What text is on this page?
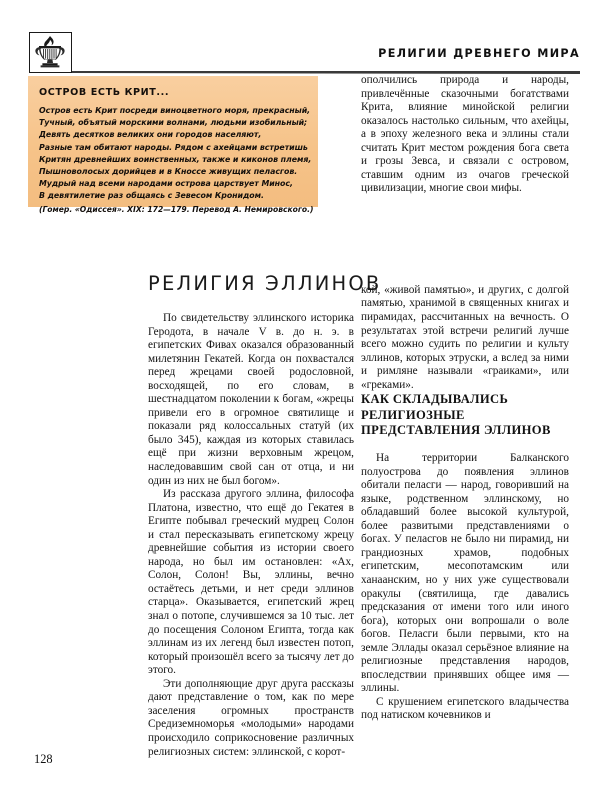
РЕЛИГИИ ДРЕВНЕГО МИРА
ОСТРОВ ЕСТЬ КРИТ...
Остров есть Крит посреди виноцветного моря, прекрасный,
Тучный, объятый морскими волнами, людьми изобильный;
Девять десятков великих они городов населяют,
Разные там обитают народы. Рядом с ахейцами встретишь
Критян древнейших воинственных, также и киконов племя,
Пышноволосых дорийцев и в Кноссе живущих пеласгов.
Мудрый над всеми народами острова царствует Минос,
В девятилетие раз общаясь с Зевесом Кронидом.
(Гомер. «Одиссея». XIX: 172—179. Перевод А. Немировского.)
РЕЛИГИЯ ЭЛЛИНОВ

По свидетельству эллинского историка Геродота, в начале V в. до н. э. в египетских Фивах оказался образованный милетянин Гекатей. Когда он похвастался перед жрецами своей родословной, восходящей, по его словам, в шестнадцатом поколении к богам, «жрецы привели его в огромное святилище и показали ряд колоссальных статуй (их было 345), каждая из которых ставилась ещё при жизни верховным жрецом, наследовавшим свой сан от отца, и ни один из них не был богом».

Из рассказа другого эллина, философа Платона, известно, что ещё до Гекатея в Египте побывал греческий мудрец Солон и стал пересказывать египетскому жрецу древнейшие события из истории своего народа, но был им остановлен: «Ах, Солон, Солон! Вы, эллины, вечно остаётесь детьми, и нет среди эллинов старца». Оказывается, египетский жрец знал о потопе, случившемся за 10 тыс. лет до посещения Солоном Египта, тогда как эллинам из их легенд был известен потоп, который произошёл всего за тысячу лет до этого.

Эти дополняющие друг друга рассказы дают представление о том, как по мере заселения огромных пространств Средиземноморья «молодыми» народами происходило соприкосновение различных религиозных систем: эллинской, с корот-

ополчились природа и народы, привлечённые сказочными богатствами Крита, влияние минойской религии оказалось настолько сильным, что ахейцы, а в эпоху железного века и эллины стали считать Крит местом рождения бога света и грозы Зевса, и связали с островом, ставшим одним из очагов греческой цивилизации, многие свои мифы.

кой, «живой памятью», и других, с долгой памятью, хранимой в священных книгах и пирамидах, рассчитанных на вечность. О результатах этой встречи религий лучше всего можно судить по религии и культу эллинов, которых этруски, а вслед за ними и римляне называли «граиками», или «греками».

КАК СКЛАДЫВАЛИСЬ
РЕЛИГИОЗНЫЕ
ПРЕДСТАВЛЕНИЯ ЭЛЛИНОВ

На территории Балканского полуострова до появления эллинов обитали пеласги — народ, говоривший на языке, родственном эллинскому, но обладавший более высокой культурой, более развитыми представлениями о богах. У пеласгов не было ни пирамид, ни грандиозных храмов, подобных египетским, месопотамским или ханаанским, но у них уже существовали оракулы (святилища, где давались предсказания от имени того или иного бога), которых они вопрошали о воле богов. Пеласги были первыми, кто на земле Эллады оказал серьёзное влияние на религиозные представления народов, впоследствии принявших общее имя — эллины.

С крушением египетского владычества под натиском кочевников и

128
